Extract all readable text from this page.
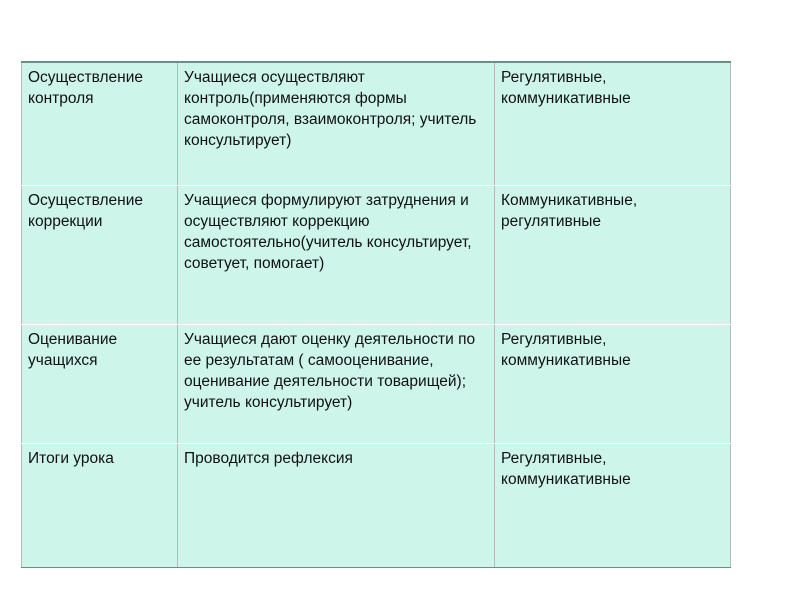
Осуществление контроля	Учащиеся осуществляют контроль(применяются формы самоконтроля, взаимоконтроля; учитель консультирует)	Регулятивные, коммуникативные

Осуществление коррекции	Учащиеся формулируют затруднения и осуществляют коррекцию самостоятельно(учитель консультирует, советует, помогает)	Коммуникативные, регулятивные

Оценивание учащихся	Учащиеся дают оценку деятельности по ее результатам ( самооценивание, оценивание деятельности товарищей); учитель консультирует)	Регулятивные, коммуникативные

Итоги урока	Проводится рефлексия	Регулятивные, коммуникативные
